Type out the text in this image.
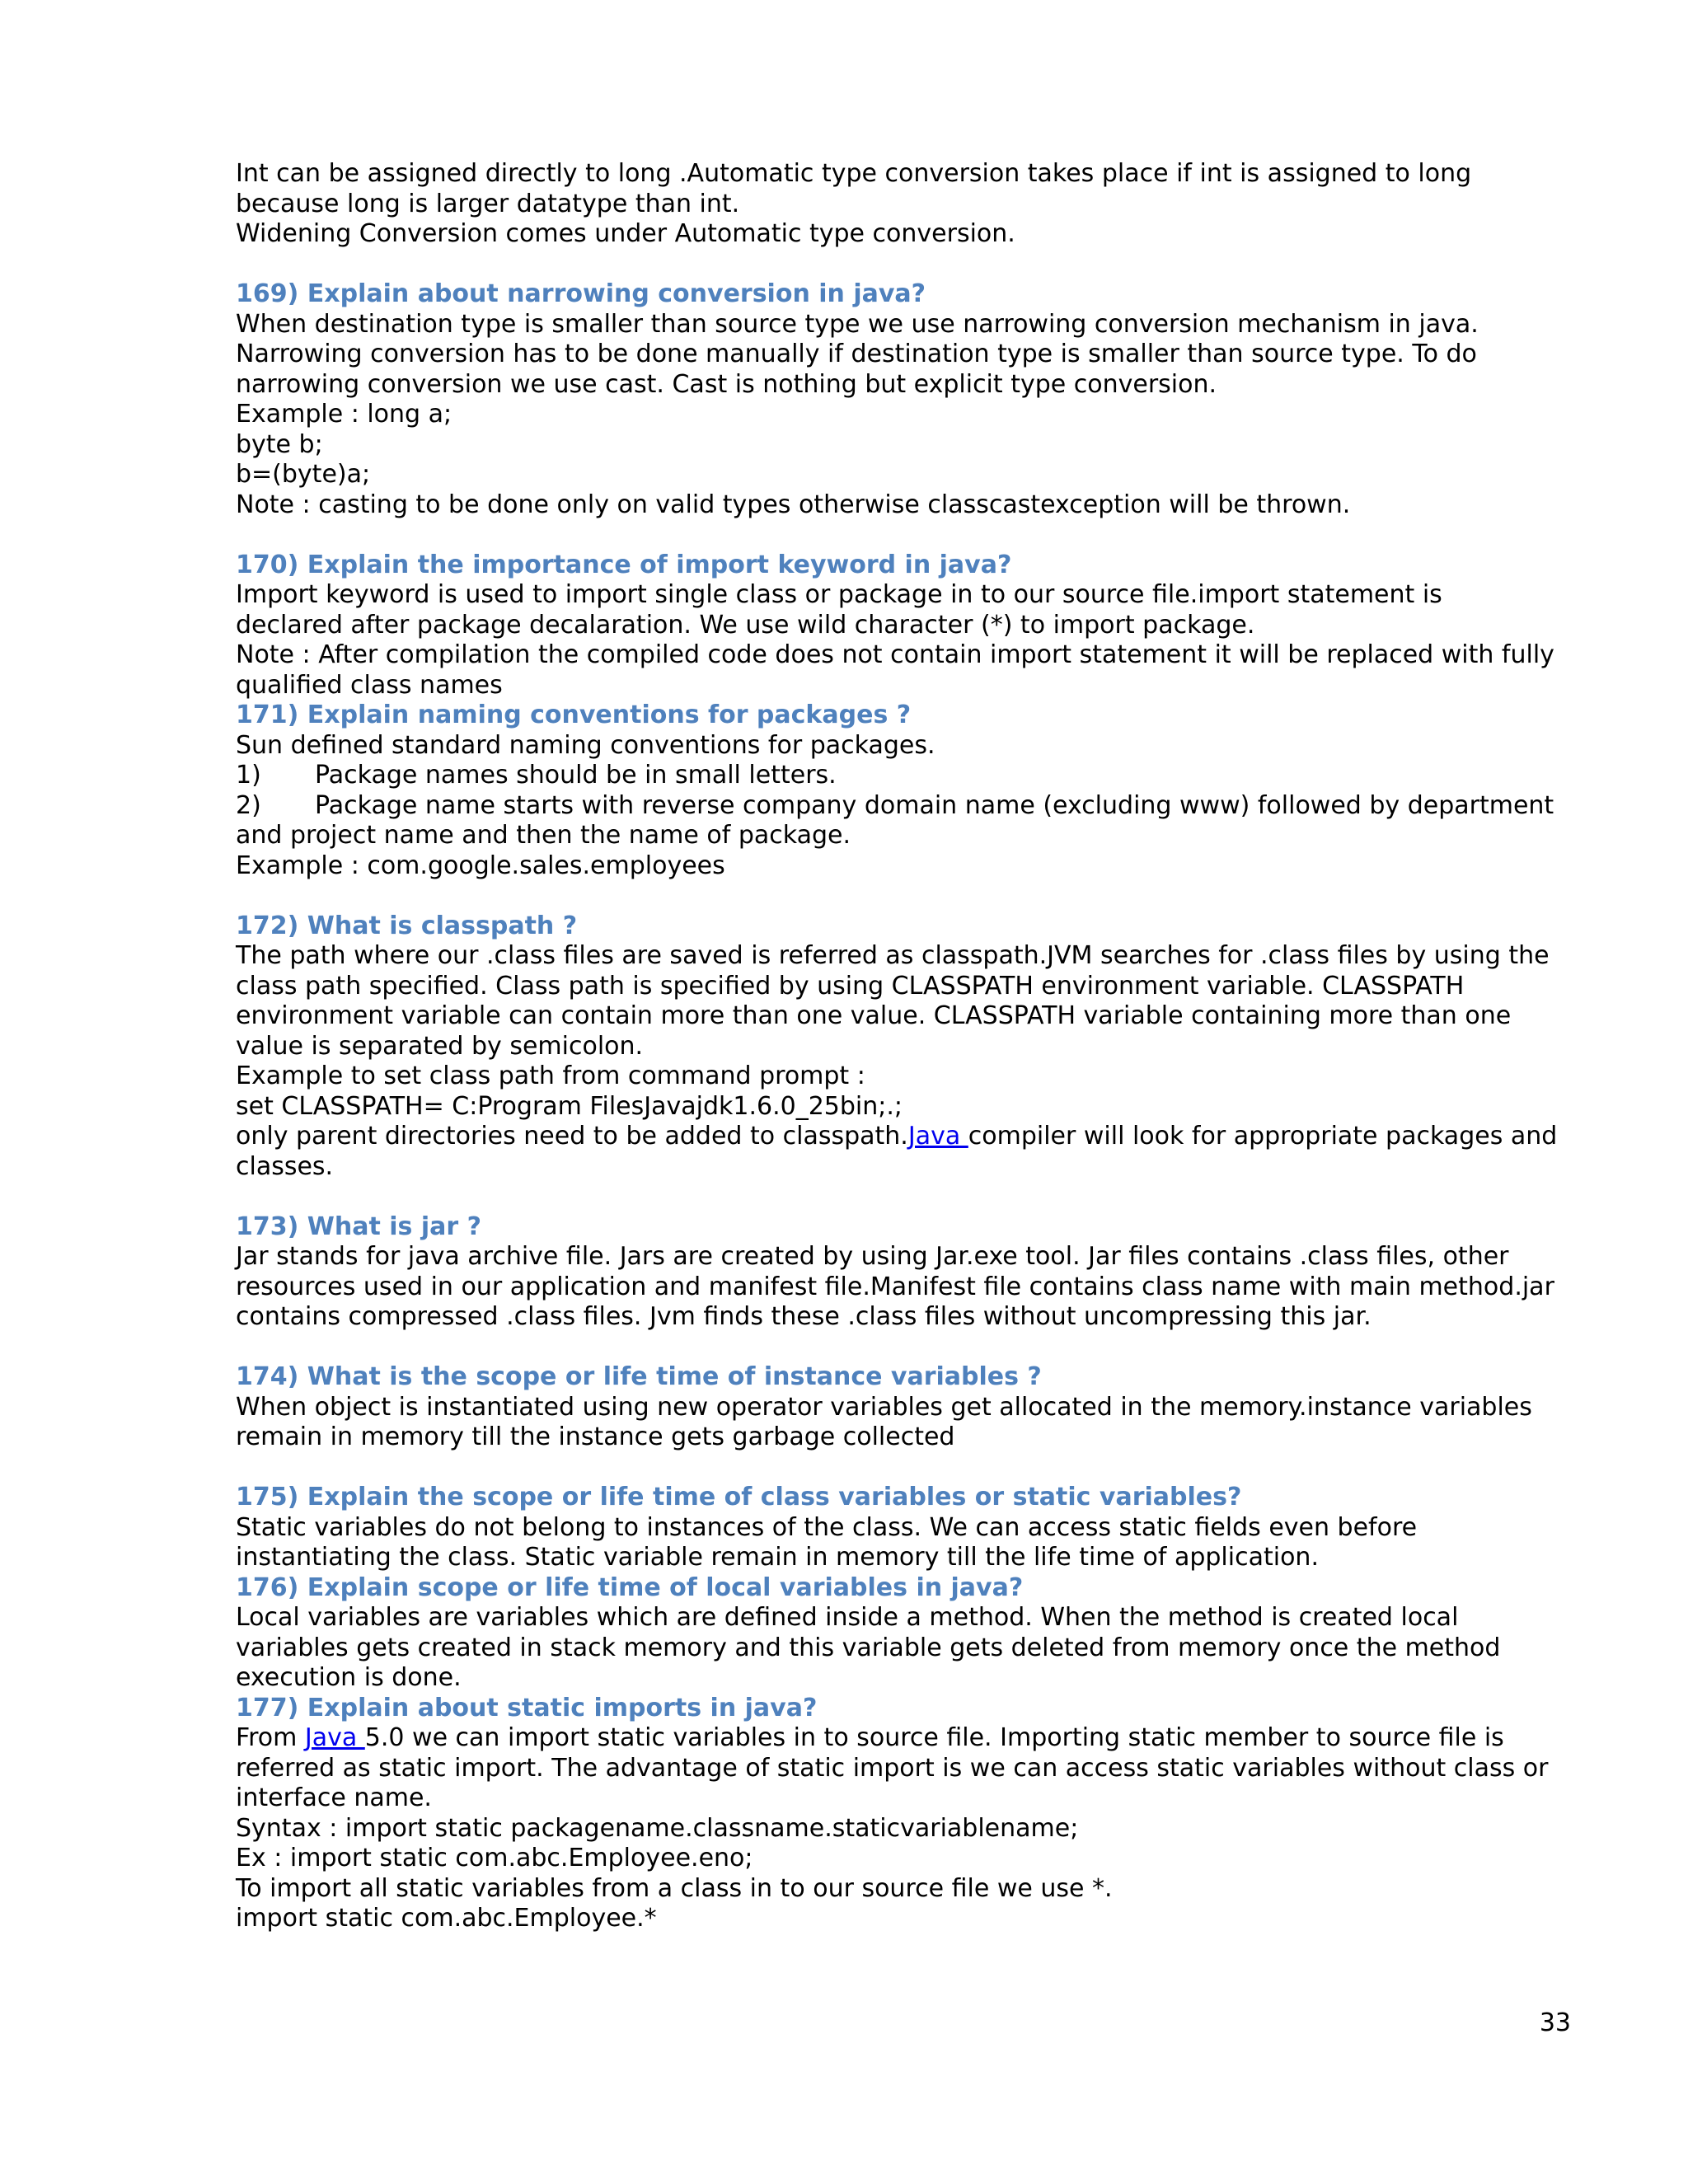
Int can be assigned directly to long .Automatic type conversion takes place if int is assigned to long

because long is larger datatype than int.

Widening Conversion comes under Automatic type conversion.

169) Explain about narrowing conversion in java?

When destination type is smaller than source type we use narrowing conversion mechanism in java.

Narrowing conversion has to be done manually if destination type is smaller than source type. To do

narrowing conversion we use cast. Cast is nothing but explicit type conversion.

Example : long a;

byte b;

b=(byte)a;

Note : casting to be done only on valid types otherwise classcastexception will be thrown.

170) Explain the importance of import keyword in java?

Import keyword is used to import single class or package in to our source file.import statement is

declared after package decalaration. We use wild character (*) to import package.

Note : After compilation the compiled code does not contain import statement it will be replaced with fully

qualified class names

171) Explain naming conventions for packages ?

Sun defined standard naming conventions for packages.

1) Package names should be in small letters.
2) Package name starts with reverse company domain name (excluding www) followed by department

and project name and then the name of package.

Example : com.google.sales.employees

172) What is classpath ?

The path where our .class files are saved is referred as classpath.JVM searches for .class files by using the

class path specified. Class path is specified by using CLASSPATH environment variable. CLASSPATH

environment variable can contain more than one value. CLASSPATH variable containing more than one

value is separated by semicolon.

Example to set class path from command prompt :

set CLASSPATH= C:Program FilesJavajdk1.6.0_25bin;.;

only parent directories need to be added to classpath.Java compiler will look for appropriate packages and

classes.

173) What is jar ?

Jar stands for java archive file. Jars are created by using Jar.exe tool. Jar files contains .class files, other

resources used in our application and manifest file.Manifest file contains class name with main method.jar

contains compressed .class files. Jvm finds these .class files without uncompressing this jar.

174) What is the scope or life time of instance variables ?

When object is instantiated using new operator variables get allocated in the memory.instance variables

remain in memory till the instance gets garbage collected

175) Explain the scope or life time of class variables or static variables?

Static variables do not belong to instances of the class. We can access static fields even before

instantiating the class. Static variable remain in memory till the life time of application.

176) Explain scope or life time of local variables in java?

Local variables are variables which are defined inside a method. When the method is created local

variables gets created in stack memory and this variable gets deleted from memory once the method

execution is done.

177) Explain about static imports in java?

From Java 5.0 we can import static variables in to source file. Importing static member to source file is

referred as static import. The advantage of static import is we can access static variables without class or

interface name.

Syntax : import static packagename.classname.staticvariablename;

Ex : import static com.abc.Employee.eno;

To import all static variables from a class in to our source file we use *.

import static com.abc.Employee.*

33
